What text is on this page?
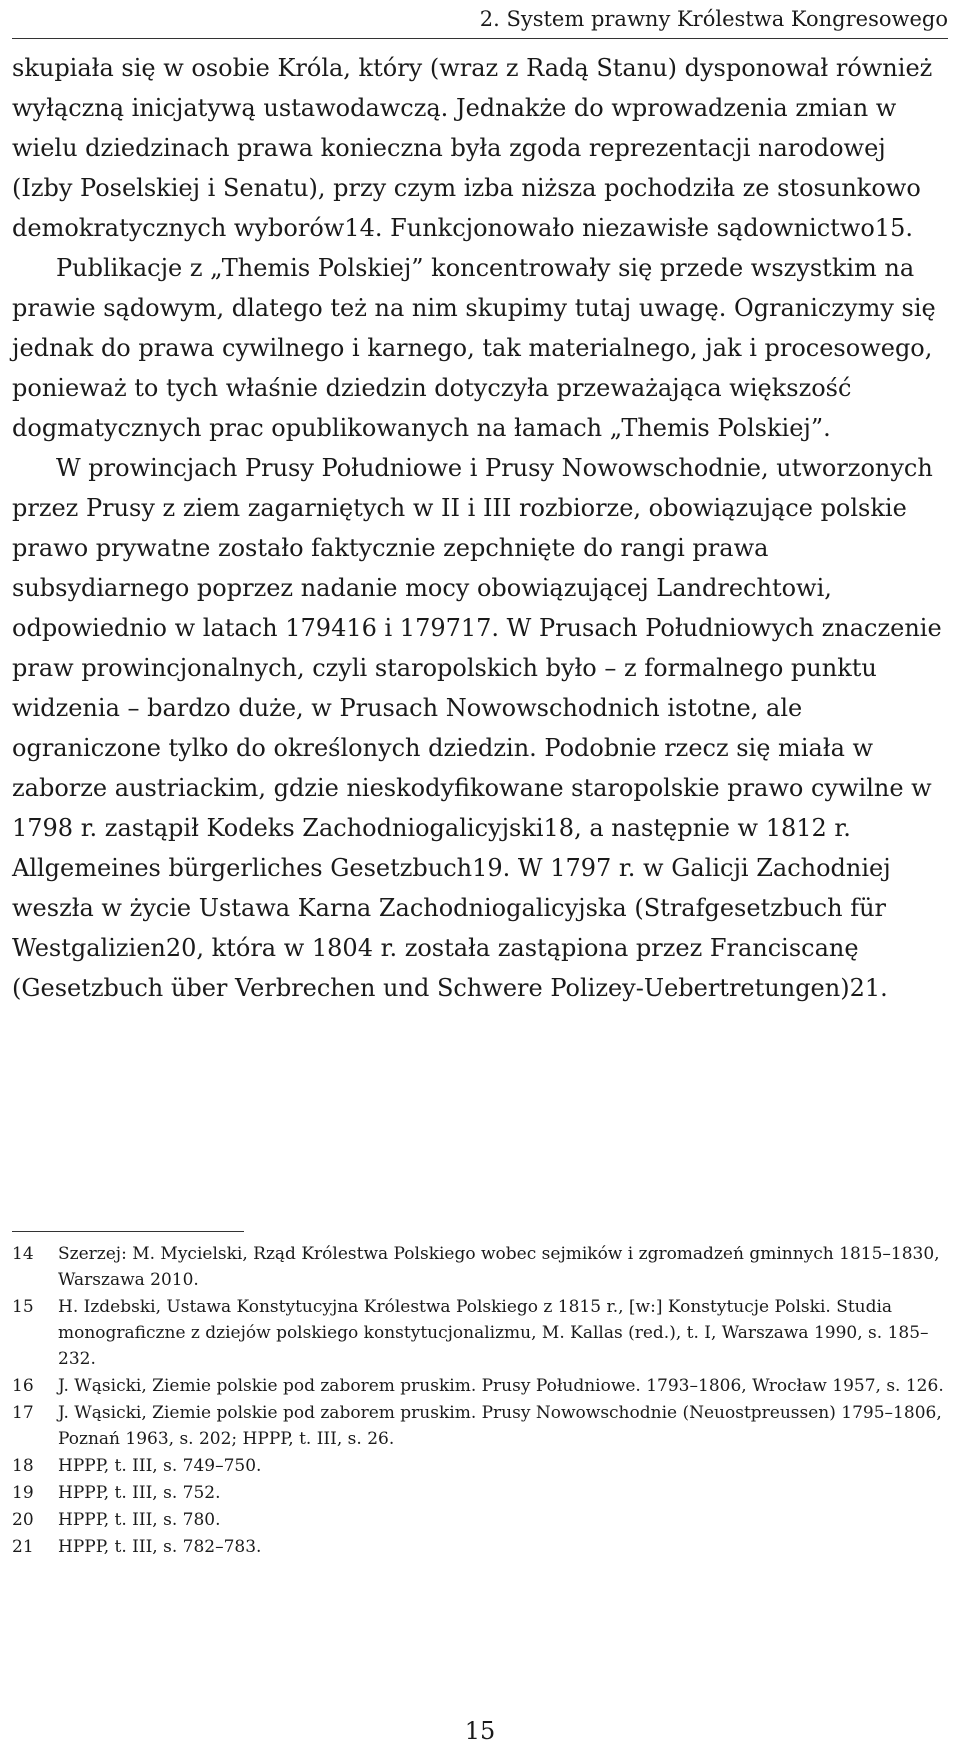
2. System prawny Królestwa Kongresowego

skupiała się w osobie Króla, który (wraz z Radą Stanu) dysponował również wyłączną inicjatywą ustawodawczą. Jednakże do wprowadzenia zmian w wielu dziedzinach prawa konieczna była zgoda reprezentacji narodowej (Izby Poselskiej i Senatu), przy czym izba niższa pochodziła ze stosunkowo demokratycznych wyborów14. Funkcjonowało niezawisłe sądownictwo15.

Publikacje z „Themis Polskiej” koncentrowały się przede wszystkim na prawie sądowym, dlatego też na nim skupimy tutaj uwagę. Ograniczymy się jednak do prawa cywilnego i karnego, tak materialnego, jak i procesowego, ponieważ to tych właśnie dziedzin dotyczyła przeważająca większość dogmatycznych prac opublikowanych na łamach „Themis Polskiej”.

W prowincjach Prusy Południowe i Prusy Nowowschodnie, utworzonych przez Prusy z ziem zagarniętych w II i III rozbiorze, obowiązujące polskie prawo prywatne zostało faktycznie zepchnięte do rangi prawa subsydiarnego poprzez nadanie mocy obowiązującej Landrechtowi, odpowiednio w latach 179416 i 179717. W Prusach Południowych znaczenie praw prowincjonalnych, czyli staropolskich było – z formalnego punktu widzenia – bardzo duże, w Prusach Nowowschodnich istotne, ale ograniczone tylko do określonych dziedzin. Podobnie rzecz się miała w zaborze austriackim, gdzie nieskodyfikowane staropolskie prawo cywilne w 1798 r. zastąpił Kodeks Zachodniogalicyjski18, a następnie w 1812 r. Allgemeines bürgerliches Gesetzbuch19. W 1797 r. w Galicji Zachodniej weszła w życie Ustawa Karna Zachodniogalicyjska (Strafgesetzbuch für Westgalizien20, która w 1804 r. została zastąpiona przez Franciscanę (Gesetzbuch über Verbrechen und Schwere Polizey-Uebertretungen)21.

14 Szerzej: M. Mycielski, Rząd Królestwa Polskiego wobec sejmików i zgromadzeń gminnych 1815–1830, Warszawa 2010.
15 H. Izdebski, Ustawa Konstytucyjna Królestwa Polskiego z 1815 r., [w:] Konstytucje Polski. Studia monograficzne z dziejów polskiego konstytucjonalizmu, M. Kallas (red.), t. I, Warszawa 1990, s. 185–232.
16 J. Wąsicki, Ziemie polskie pod zaborem pruskim. Prusy Południowe. 1793–1806, Wrocław 1957, s. 126.
17 J. Wąsicki, Ziemie polskie pod zaborem pruskim. Prusy Nowowschodnie (Neuostpreussen) 1795–1806, Poznań 1963, s. 202; HPPP, t. III, s. 26.
18 HPPP, t. III, s. 749–750.
19 HPPP, t. III, s. 752.
20 HPPP, t. III, s. 780.
21 HPPP, t. III, s. 782–783.
15
